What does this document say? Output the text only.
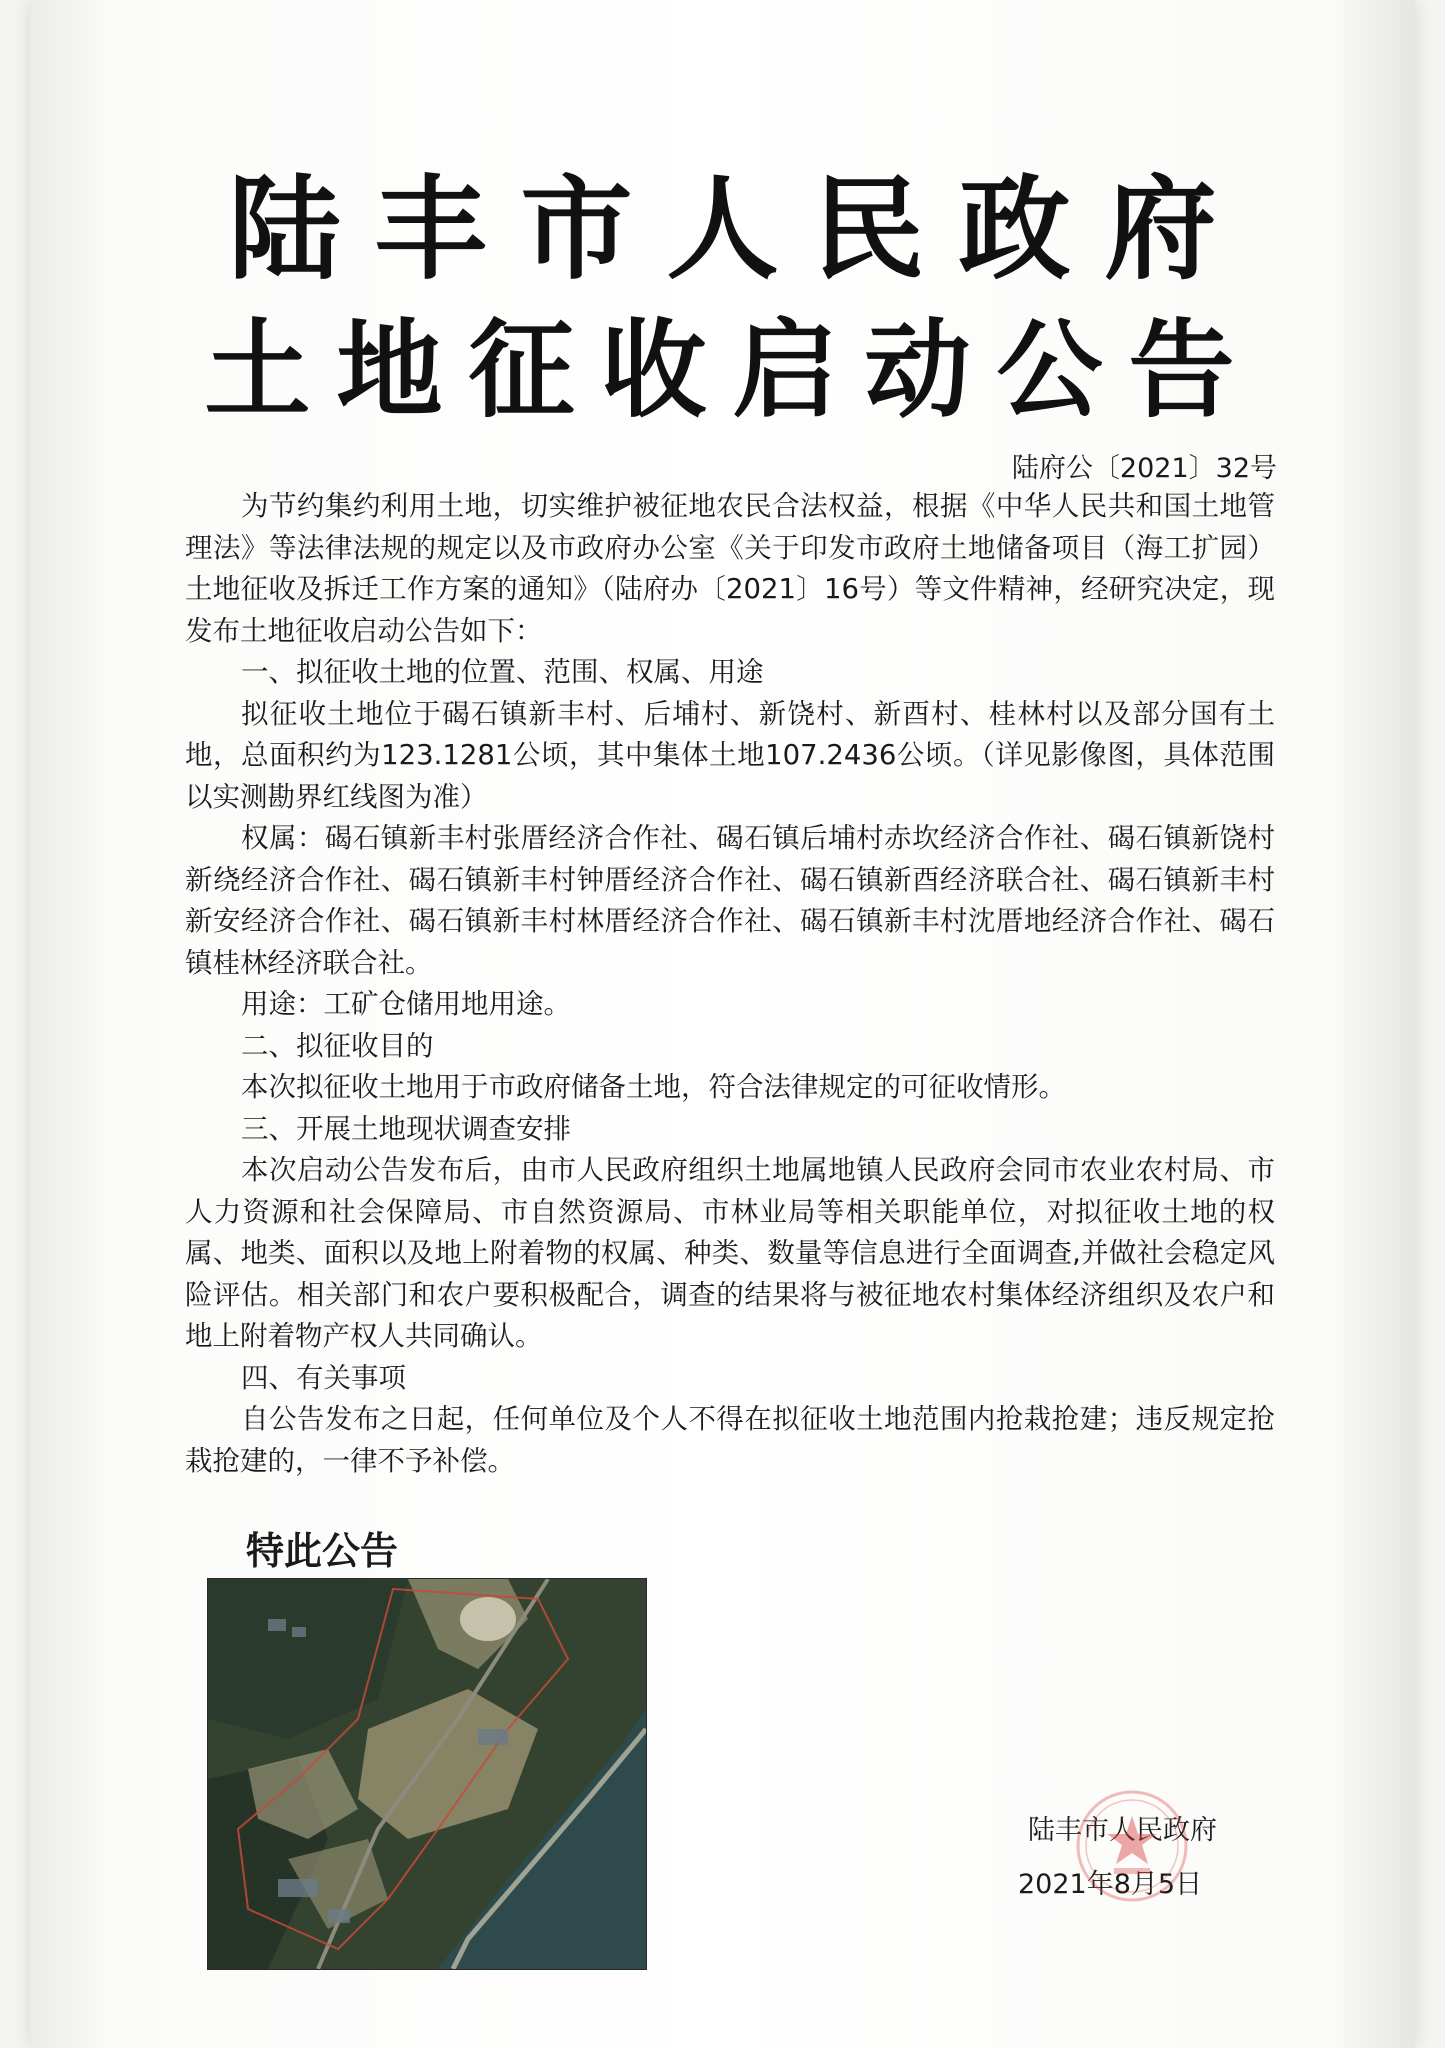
陆丰市人民政府
土地征收启动公告
陆府公〔2021〕32号

为节约集约利用土地，切实维护被征地农民合法权益，根据《中华人民共和国土地管理法》等法律法规的规定以及市政府办公室《关于印发市政府土地储备项目（海工扩园）土地征收及拆迁工作方案的通知》（陆府办〔2021〕16号）等文件精神，经研究决定，现发布土地征收启动公告如下：

一、拟征收土地的位置、范围、权属、用途

拟征收土地位于碣石镇新丰村、后埔村、新饶村、新酉村、桂林村以及部分国有土地，总面积约为123.1281公顷，其中集体土地107.2436公顷。（详见影像图，具体范围以实测勘界红线图为准）

权属：碣石镇新丰村张厝经济合作社、碣石镇后埔村赤坎经济合作社、碣石镇新饶村新绕经济合作社、碣石镇新丰村钟厝经济合作社、碣石镇新酉经济联合社、碣石镇新丰村新安经济合作社、碣石镇新丰村林厝经济合作社、碣石镇新丰村沈厝地经济合作社、碣石镇桂林经济联合社。

用途：工矿仓储用地用途。

二、拟征收目的

本次拟征收土地用于市政府储备土地，符合法律规定的可征收情形。

三、开展土地现状调查安排

本次启动公告发布后，由市人民政府组织土地属地镇人民政府会同市农业农村局、市人力资源和社会保障局、市自然资源局、市林业局等相关职能单位，对拟征收土地的权属、地类、面积以及地上附着物的权属、种类、数量等信息进行全面调查,并做社会稳定风险评估。相关部门和农户要积极配合，调查的结果将与被征地农村集体经济组织及农户和地上附着物产权人共同确认。

四、有关事项

自公告发布之日起，任何单位及个人不得在拟征收土地范围内抢栽抢建；违反规定抢栽抢建的，一律不予补偿。

特此公告
陆丰市人民政府
2021年8月5日
